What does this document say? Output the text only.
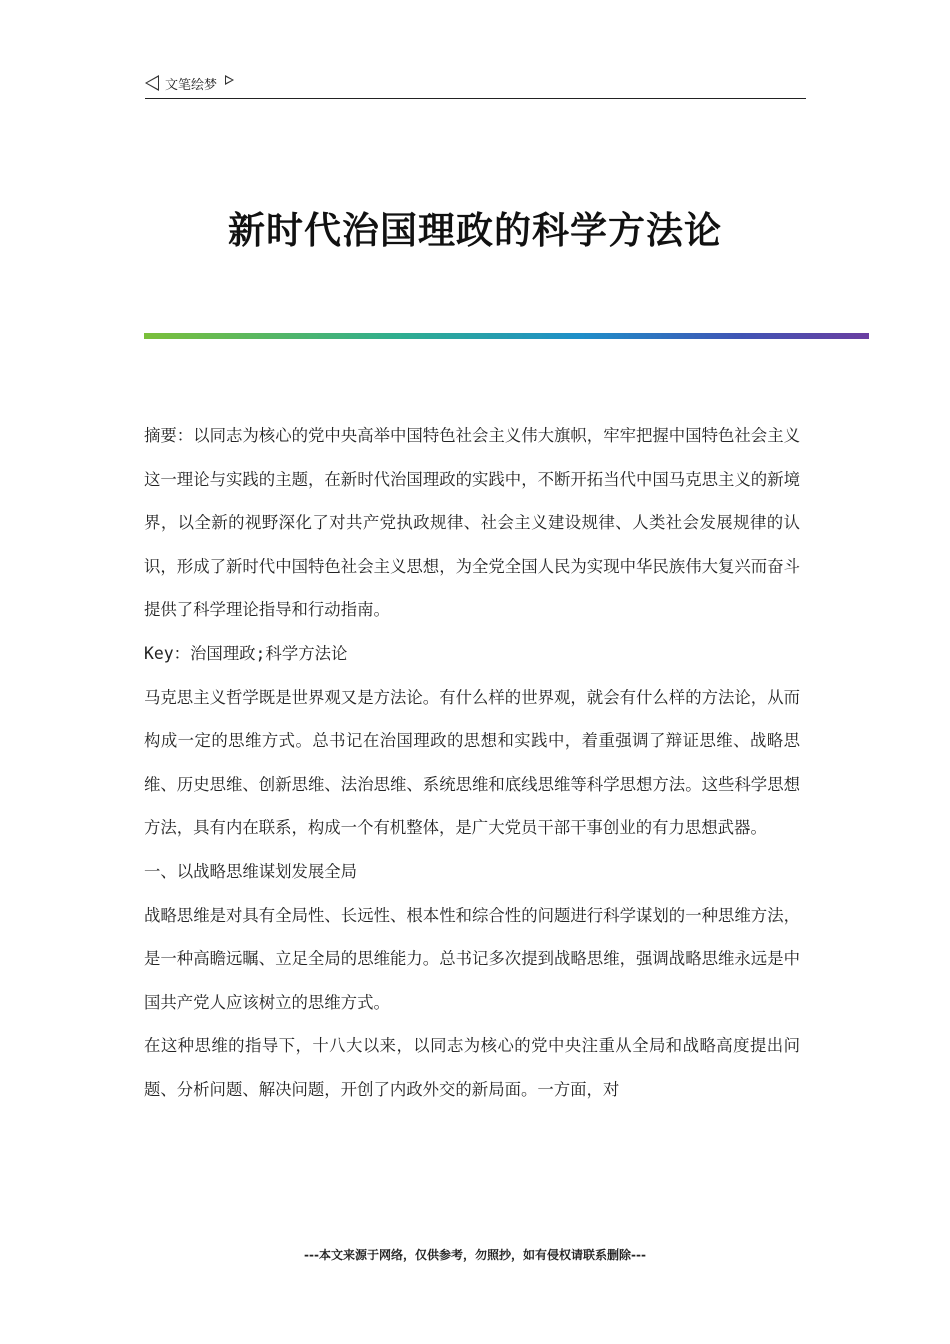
文笔绘梦
新时代治国理政的科学方法论

摘要：以同志为核心的党中央高举中国特色社会主义伟大旗帜，牢牢把握中国特色社会主义这一理论与实践的主题，在新时代治国理政的实践中，不断开拓当代中国马克思主义的新境界，以全新的视野深化了对共产党执政规律、社会主义建设规律、人类社会发展规律的认识，形成了新时代中国特色社会主义思想，为全党全国人民为实现中华民族伟大复兴而奋斗提供了科学理论指导和行动指南。

Key：治国理政;科学方法论

马克思主义哲学既是世界观又是方法论。有什么样的世界观，就会有什么样的方法论，从而构成一定的思维方式。总书记在治国理政的思想和实践中，着重强调了辩证思维、战略思维、历史思维、创新思维、法治思维、系统思维和底线思维等科学思想方法。这些科学思想方法，具有内在联系，构成一个有机整体，是广大党员干部干事创业的有力思想武器。

一、以战略思维谋划发展全局

战略思维是对具有全局性、长远性、根本性和综合性的问题进行科学谋划的一种思维方法，是一种高瞻远瞩、立足全局的思维能力。总书记多次提到战略思维，强调战略思维永远是中国共产党人应该树立的思维方式。

在这种思维的指导下，十八大以来，以同志为核心的党中央注重从全局和战略高度提出问题、分析问题、解决问题，开创了内政外交的新局面。一方面，对

---本文来源于网络，仅供参考，勿照抄，如有侵权请联系删除---
